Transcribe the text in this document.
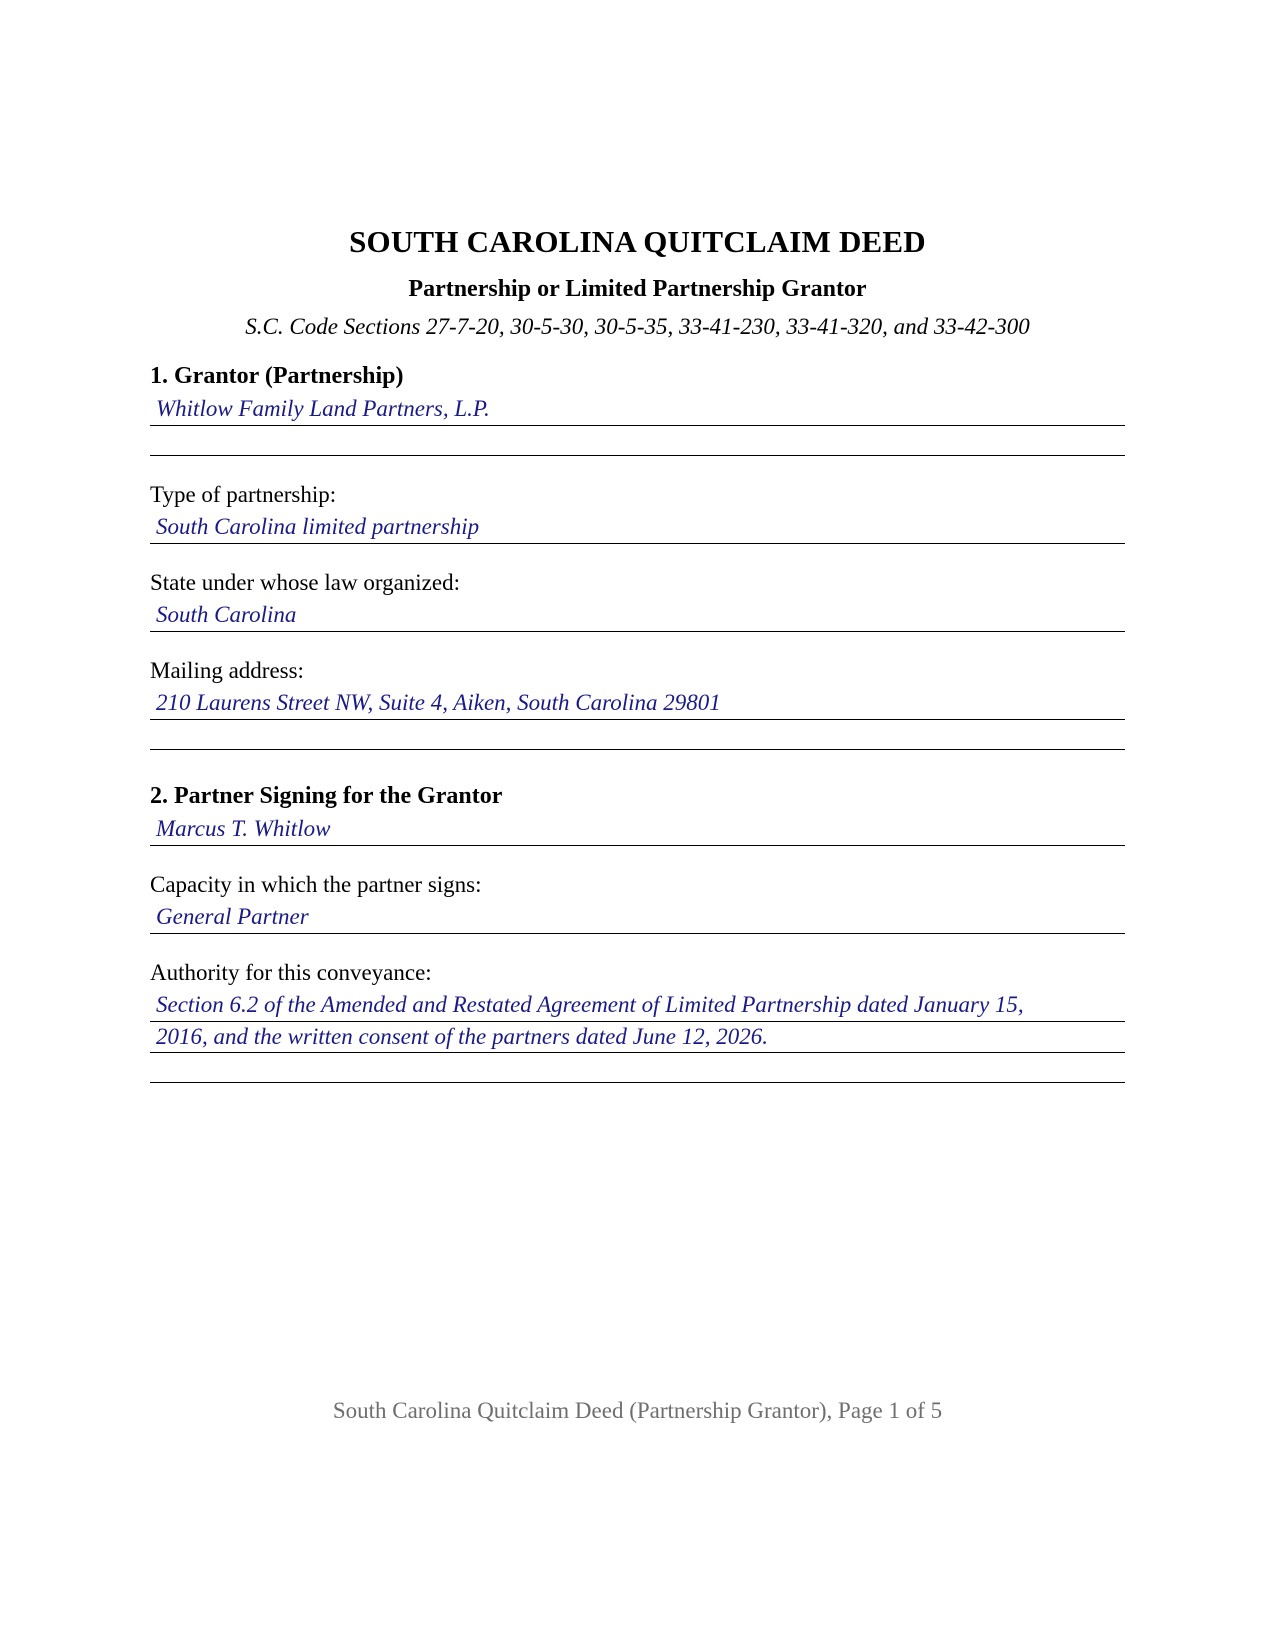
SOUTH CAROLINA QUITCLAIM DEED
Partnership or Limited Partnership Grantor
S.C. Code Sections 27-7-20, 30-5-30, 30-5-35, 33-41-230, 33-41-320, and 33-42-300
1. Grantor (Partnership)
Whitlow Family Land Partners, L.P.
Type of partnership:
South Carolina limited partnership
State under whose law organized:
South Carolina
Mailing address:
210 Laurens Street NW, Suite 4, Aiken, South Carolina 29801
2. Partner Signing for the Grantor
Marcus T. Whitlow
Capacity in which the partner signs:
General Partner
Authority for this conveyance:
Section 6.2 of the Amended and Restated Agreement of Limited Partnership dated January 15,
2016, and the written consent of the partners dated June 12, 2026.
South Carolina Quitclaim Deed (Partnership Grantor), Page 1 of 5
